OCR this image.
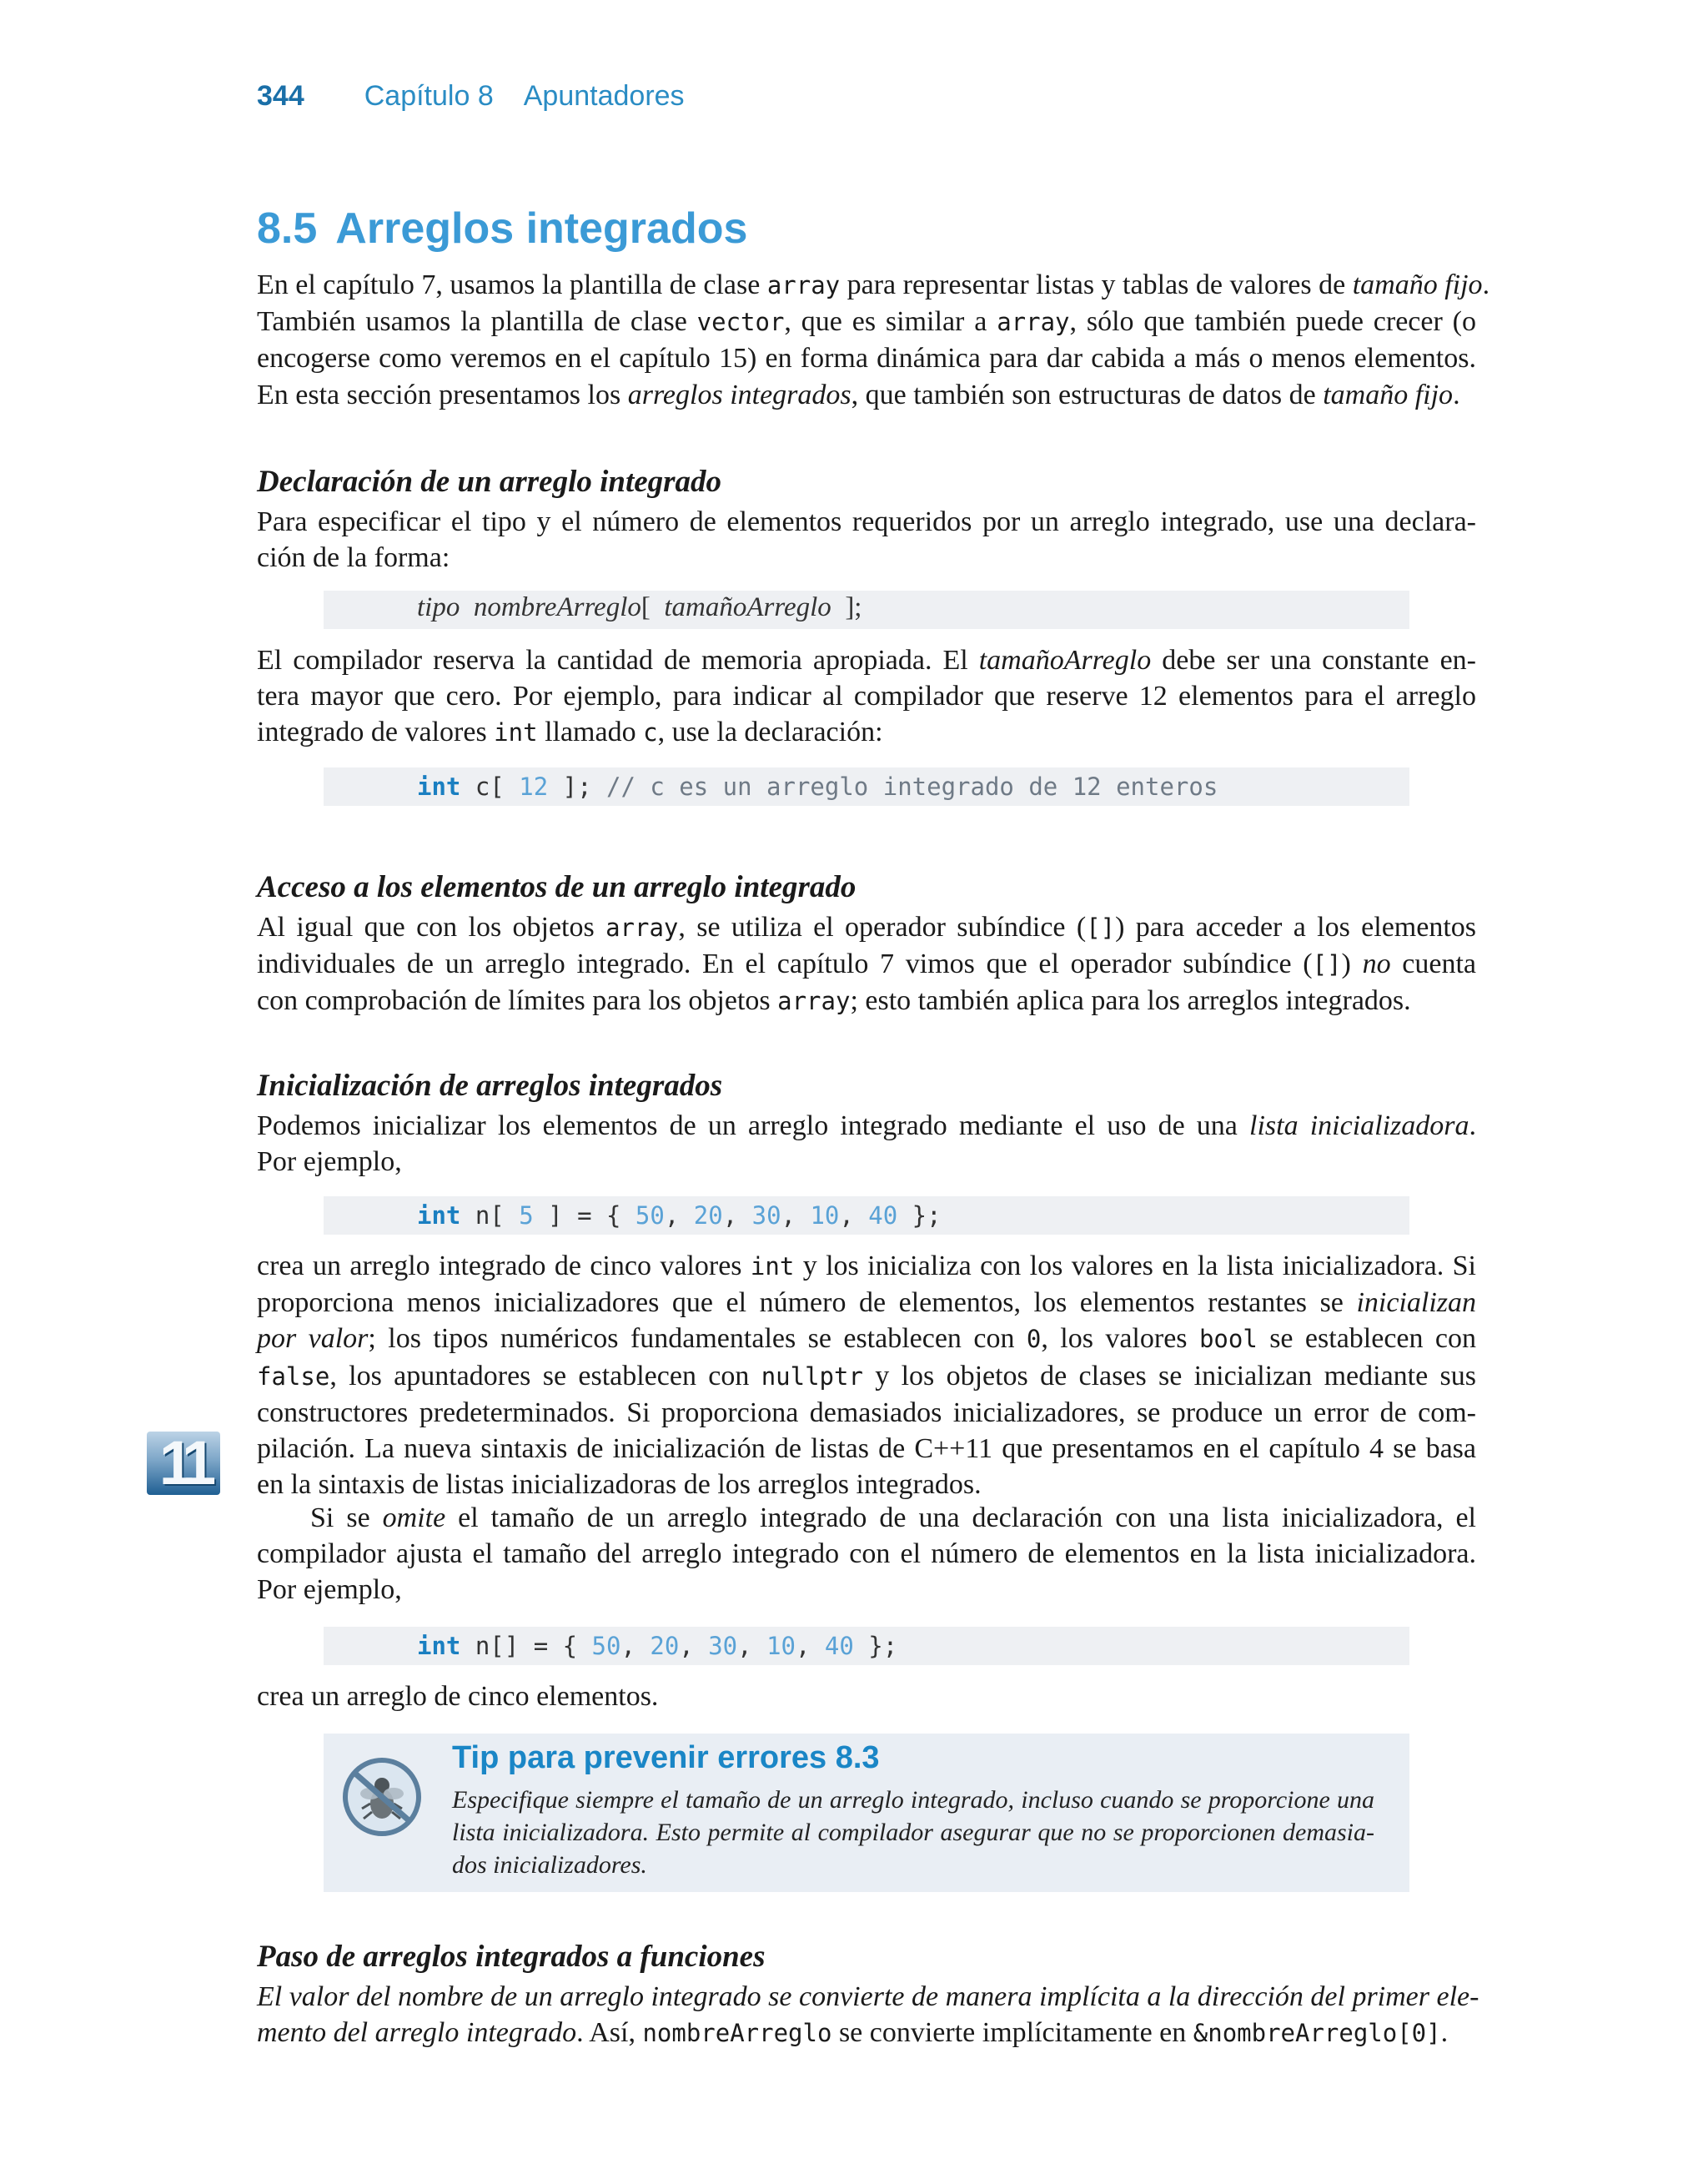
344 Capítulo 8 Apuntadores
8.5 Arreglos integrados
En el capítulo 7, usamos la plantilla de clase array para representar listas y tablas de valores de tamaño fijo.
También usamos la plantilla de clase vector, que es similar a array, sólo que también puede crecer (o
encogerse como veremos en el capítulo 15) en forma dinámica para dar cabida a más o menos elementos.
En esta sección presentamos los arreglos integrados, que también son estructuras de datos de tamaño fijo.
Declaración de un arreglo integrado
Para especificar el tipo y el número de elementos requeridos por un arreglo integrado, use una declara-
ción de la forma:
tipo nombreArreglo[  tamañoArreglo ];
El compilador reserva la cantidad de memoria apropiada. El tamañoArreglo debe ser una constante en-
tera mayor que cero. Por ejemplo, para indicar al compilador que reserve 12 elementos para el arreglo
integrado de valores int llamado c, use la declaración:
int c[ 12 ]; // c es un arreglo integrado de 12 enteros
Acceso a los elementos de un arreglo integrado
Al igual que con los objetos array, se utiliza el operador subíndice ([]) para acceder a los elementos
individuales de un arreglo integrado. En el capítulo 7 vimos que el operador subíndice ([]) no cuenta
con comprobación de límites para los objetos array; esto también aplica para los arreglos integrados.
Inicialización de arreglos integrados
Podemos inicializar los elementos de un arreglo integrado mediante el uso de una lista inicializadora.
Por ejemplo,
int n[ 5 ] = { 50, 20, 30, 10, 40 };
crea un arreglo integrado de cinco valores int y los inicializa con los valores en la lista inicializadora. Si
proporciona menos inicializadores que el número de elementos, los elementos restantes se inicializan
por valor; los tipos numéricos fundamentales se establecen con 0, los valores bool se establecen con
false, los apuntadores se establecen con nullptr y los objetos de clases se inicializan mediante sus
constructores predeterminados. Si proporciona demasiados inicializadores, se produce un error de com-
pilación. La nueva sintaxis de inicialización de listas de C++11 que presentamos en el capítulo 4 se basa
en la sintaxis de listas inicializadoras de los arreglos integrados.
11
Si se omite el tamaño de un arreglo integrado de una declaración con una lista inicializadora, el
compilador ajusta el tamaño del arreglo integrado con el número de elementos en la lista inicializadora.
Por ejemplo,
int n[] = { 50, 20, 30, 10, 40 };
crea un arreglo de cinco elementos.
Tip para prevenir errores 8.3
Especifique siempre el tamaño de un arreglo integrado, incluso cuando se proporcione una
lista inicializadora. Esto permite al compilador asegurar que no se proporcionen demasia-
dos inicializadores.
Paso de arreglos integrados a funciones
El valor del nombre de un arreglo integrado se convierte de manera implícita a la dirección del primer ele-
mento del arreglo integrado. Así, nombreArreglo se convierte implícitamente en &nombreArreglo[0].
